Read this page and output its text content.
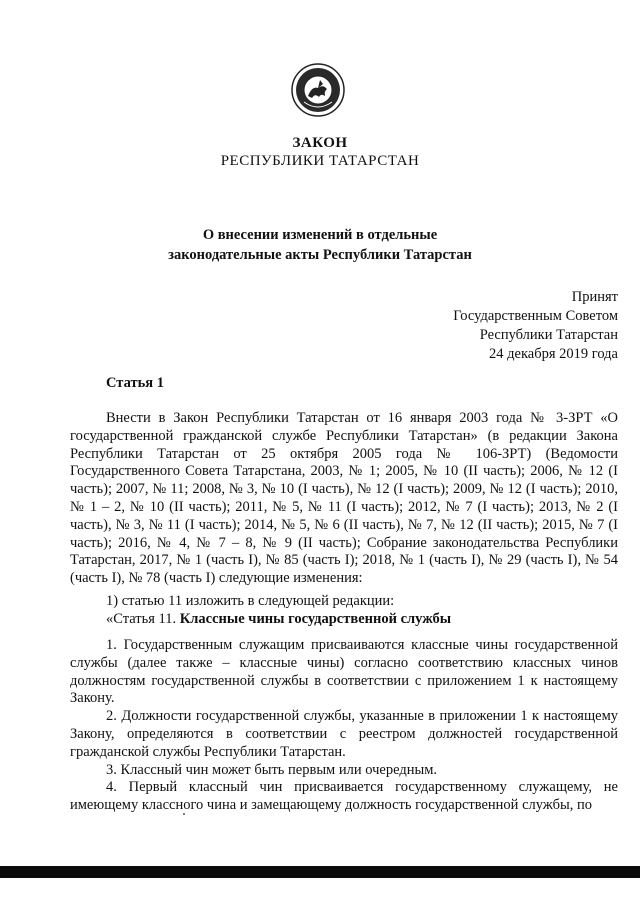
ЗАКОН
РЕСПУБЛИКИ ТАТАРСТАН
О внесении изменений в отдельные
законодательные акты Республики Татарстан
Принят
Государственным Советом
Республики Татарстан
24 декабря 2019 года
Статья 1

Внести в Закон Республики Татарстан от 16 января 2003 года № 3-ЗРТ «О государственной гражданской службе Республики Татарстан» (в редакции Закона Республики Татарстан от 25 октября 2005 года № 106-ЗРТ) (Ведомости Государственного Совета Татарстана, 2003, № 1; 2005, № 10 (II часть); 2006, № 12 (I часть); 2007, № 11; 2008, № 3, № 10 (I часть), № 12 (I часть); 2009, № 12 (I часть); 2010, № 1 – 2, № 10 (II часть); 2011, № 5, № 11 (I часть); 2012, № 7 (I часть); 2013, № 2 (I часть), № 3, № 11 (I часть); 2014, № 5, № 6 (II часть), № 7, № 12 (II часть); 2015, № 7 (I часть); 2016, № 4, № 7 – 8, № 9 (II часть); Собрание законодательства Республики Татарстан, 2017, № 1 (часть I), № 85 (часть I); 2018, № 1 (часть I), № 29 (часть I), № 54 (часть I), № 78 (часть I) следующие изменения:

1) статью 11 изложить в следующей редакции:

«Статья 11. Классные чины государственной службы

1. Государственным служащим присваиваются классные чины государственной службы (далее также – классные чины) согласно соответствию классных чинов должностям государственной службы в соответствии с приложением 1 к настоящему Закону.

2. Должности государственной службы, указанные в приложении 1 к настоящему Закону, определяются в соответствии с реестром должностей государственной гражданской службы Республики Татарстан.

3. Классный чин может быть первым или очередным.

4. Первый классный чин присваивается государственному служащему, не имеющему классного чина и замещающему должность государственной службы, по
